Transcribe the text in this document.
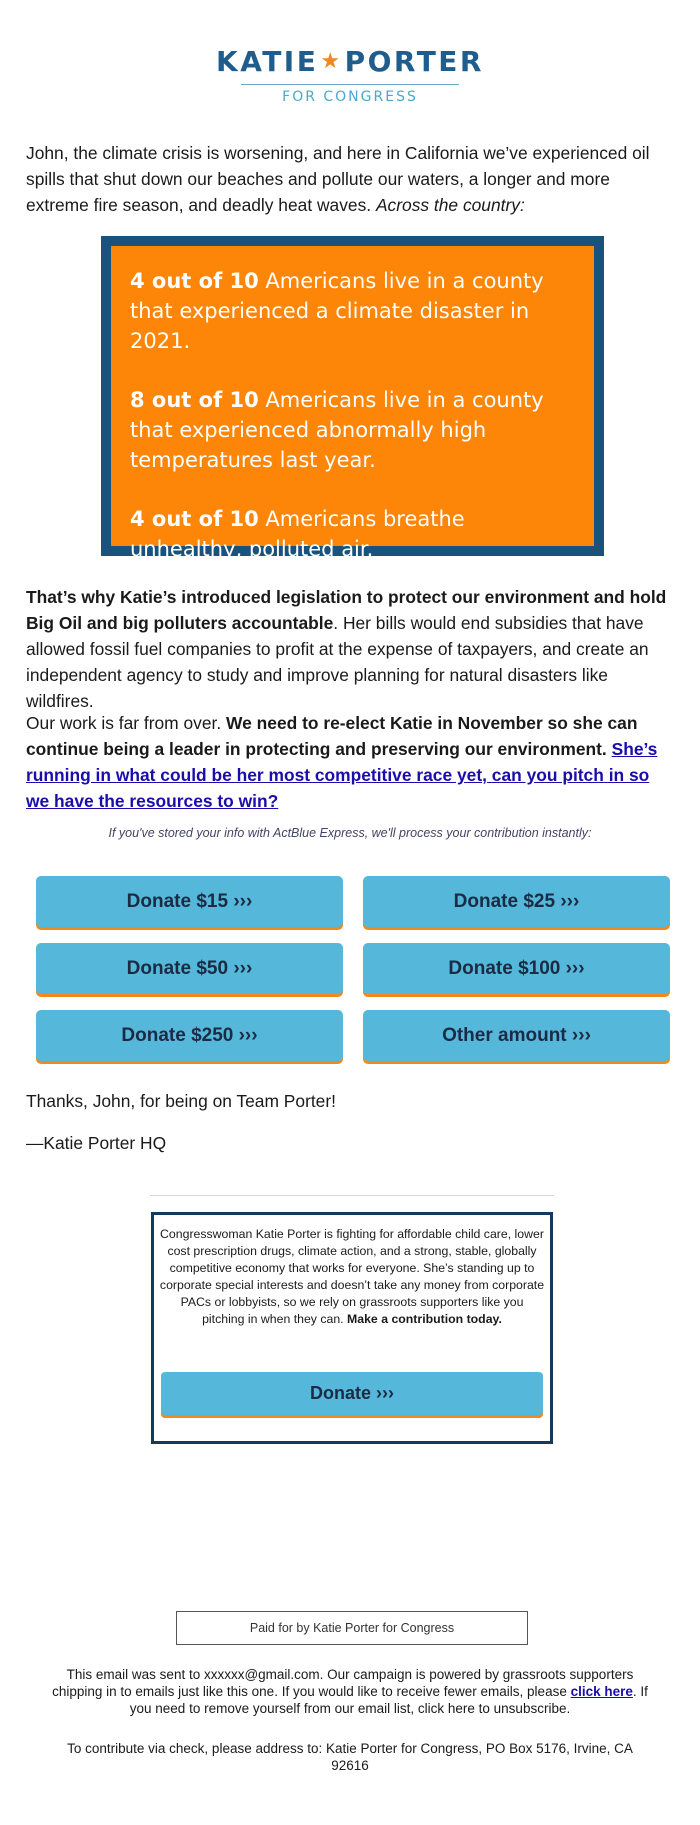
KATIE★PORTER
FOR CONGRESS

John, the climate crisis is worsening, and here in California we’ve experienced oil spills that shut down our beaches and pollute our waters, a longer and more extreme fire season, and deadly heat waves. Across the country:

4 out of 10 Americans live in a county that experienced a climate disaster in 2021.

8 out of 10 Americans live in a county that experienced abnormally high temperatures last year.

4 out of 10 Americans breathe unhealthy, polluted air.

That’s why Katie’s introduced legislation to protect our environment and hold Big Oil and big polluters accountable. Her bills would end subsidies that have allowed fossil fuel companies to profit at the expense of taxpayers, and create an independent agency to study and improve planning for natural disasters like wildfires.

Our work is far from over. We need to re-elect Katie in November so she can continue being a leader in protecting and preserving our environment. She’s running in what could be her most competitive race yet, can you pitch in so we have the resources to win?

If you've stored your info with ActBlue Express, we'll process your contribution instantly:
Donate $15 ›››	Donate $25 ›››
Donate $50 ›››	Donate $100 ›››
Donate $250 ›››	Other amount ›››
Thanks, John, for being on Team Porter!
—Katie Porter HQ

Congresswoman Katie Porter is fighting for affordable child care, lower cost prescription drugs, climate action, and a strong, stable, globally competitive economy that works for everyone. She’s standing up to corporate special interests and doesn’t take any money from corporate PACs or lobbyists, so we rely on grassroots supporters like you pitching in when they can. Make a contribution today.

Donate ›››
Paid for by Katie Porter for Congress

This email was sent to xxxxxx@gmail.com. Our campaign is powered by grassroots supporters chipping in to emails just like this one. If you would like to receive fewer emails, please click here. If you need to remove yourself from our email list, click here to unsubscribe.

To contribute via check, please address to: Katie Porter for Congress, PO Box 5176, Irvine, CA 92616
